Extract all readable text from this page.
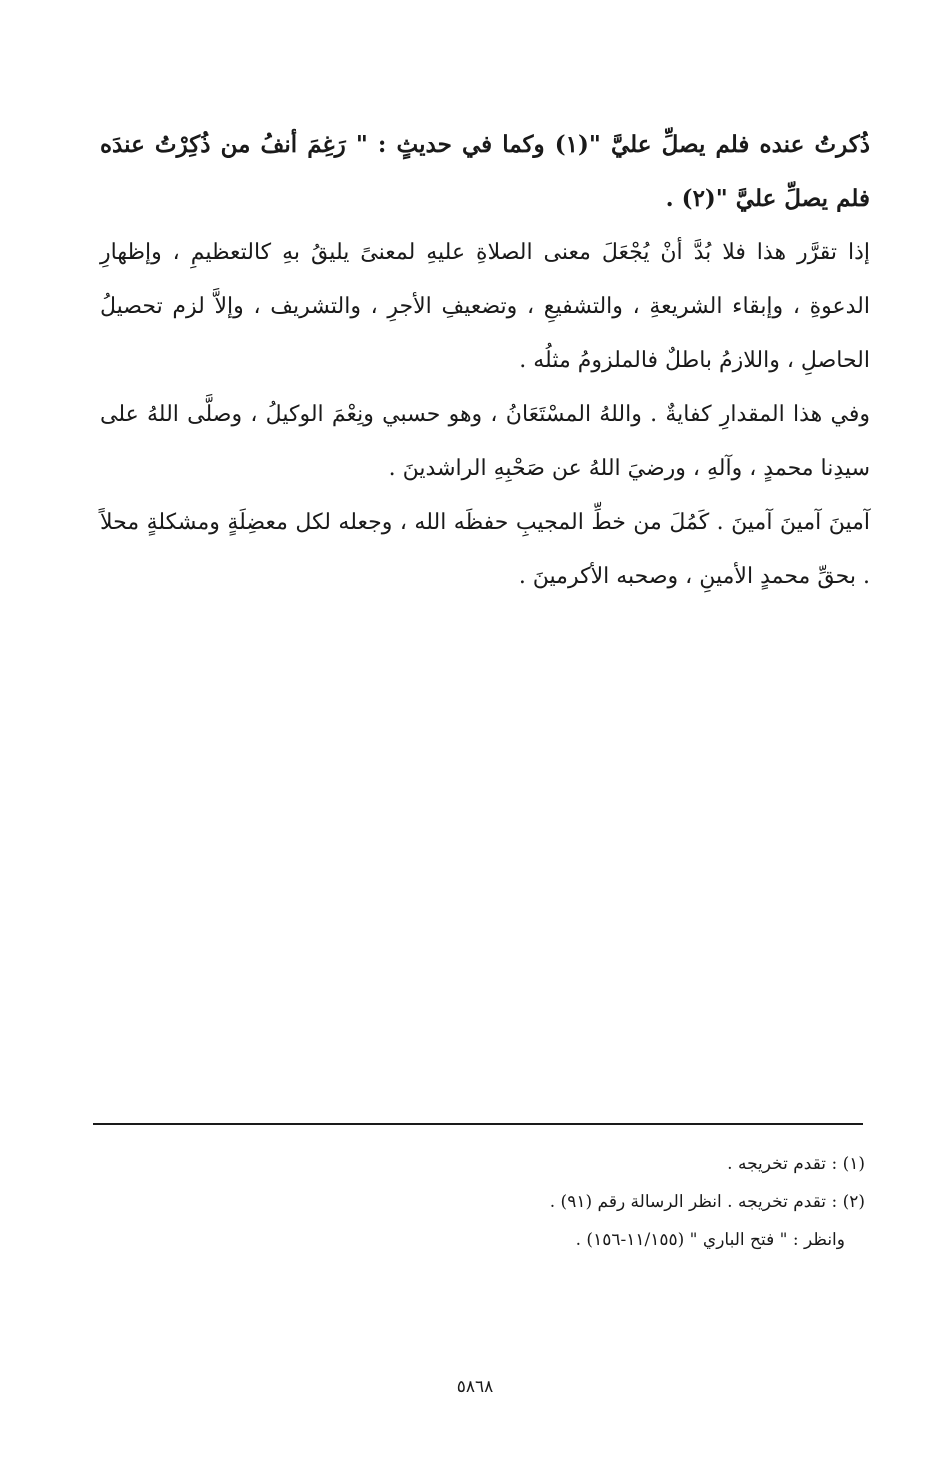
ذُكرتُ عنده فلم يصلِّ عليَّ "(١) وكما في حديثٍ : " رَغِمَ أنفُ من ذُكِرْتُ عندَه فلم يصلِّ عليَّ "(٢) .

إذا تقرَّر هذا فلا بُدَّ أنْ يُجْعَلَ معنى الصلاةِ عليهِ لمعنىً يليقُ بهِ كالتعظيمِ ، وإظهارِ الدعوةِ ، وإبقاء الشريعةِ ، والتشفيعِ ، وتضعيفِ الأجرِ ، والتشريف ، وإلاَّ لزم تحصيلُ الحاصلِ ، واللازمُ باطلٌ فالملزومُ مثلُه .

وفي هذا المقدارِ كفايةٌ . واللهُ المسْتَعَانُ ، وهو حسبي ونِعْمَ الوكيلُ ، وصلَّى اللهُ على سيدِنا محمدٍ ، وآلهِ ، ورضيَ اللهُ عن صَحْبِهِ الراشدينَ .

آمينَ آمينَ آمينَ . كَمُلَ من خطِّ المجيبِ حفظَه الله ، وجعله لكل معضِلَةٍ ومشكلةٍ محلاً . بحقِّ محمدٍ الأمينِ ، وصحبه الأكرمينَ .

(١) : تقدم تخريجه .

(٢) : تقدم تخريجه . انظر الرسالة رقم (٩١) .

وانظر : " فتح الباري " (١١/١٥٥-١٥٦) .

٥٨٦٨
